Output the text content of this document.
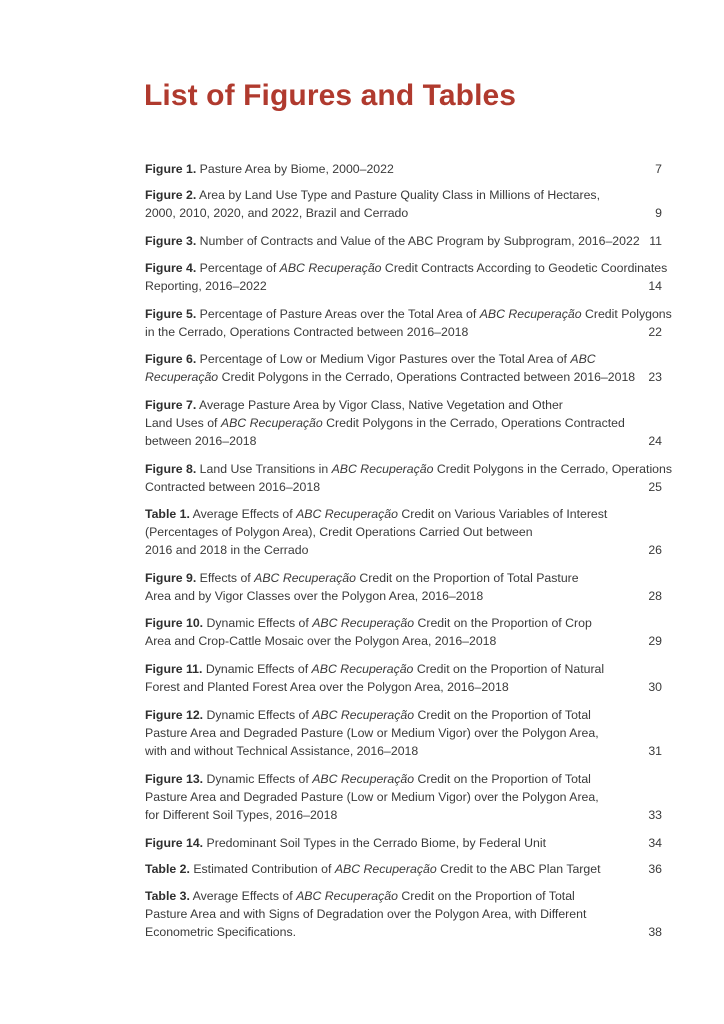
List of Figures and Tables
Figure 1. Pasture Area by Biome, 2000–2022	7
Figure 2. Area by Land Use Type and Pasture Quality Class in Millions of Hectares,
2000, 2010, 2020, and 2022, Brazil and Cerrado	9
Figure 3. Number of Contracts and Value of the ABC Program by Subprogram, 2016–2022 11
Figure 4. Percentage of ABC Recuperação Credit Contracts According to Geodetic Coordinates
Reporting, 2016–2022	14
Figure 5. Percentage of Pasture Areas over the Total Area of ABC Recuperação Credit Polygons
in the Cerrado, Operations Contracted between 2016–2018	22
Figure 6. Percentage of Low or Medium Vigor Pastures over the Total Area of ABC
Recuperação Credit Polygons in the Cerrado, Operations Contracted between 2016–2018 23
Figure 7. Average Pasture Area by Vigor Class, Native Vegetation and Other
Land Uses of ABC Recuperação Credit Polygons in the Cerrado, Operations Contracted
between 2016–2018	24
Figure 8. Land Use Transitions in ABC Recuperação Credit Polygons in the Cerrado, Operations
Contracted between 2016–2018	25
Table 1. Average Effects of ABC Recuperação Credit on Various Variables of Interest
(Percentages of Polygon Area), Credit Operations Carried Out between
2016 and 2018 in the Cerrado	26
Figure 9. Effects of ABC Recuperação Credit on the Proportion of Total Pasture
Area and by Vigor Classes over the Polygon Area, 2016–2018	28
Figure 10. Dynamic Effects of ABC Recuperação Credit on the Proportion of Crop
Area and Crop-Cattle Mosaic over the Polygon Area, 2016–2018	29
Figure 11. Dynamic Effects of ABC Recuperação Credit on the Proportion of Natural
Forest and Planted Forest Area over the Polygon Area, 2016–2018	30
Figure 12. Dynamic Effects of ABC Recuperação Credit on the Proportion of Total
Pasture Area and Degraded Pasture (Low or Medium Vigor) over the Polygon Area,
with and without Technical Assistance, 2016–2018	31
Figure 13. Dynamic Effects of ABC Recuperação Credit on the Proportion of Total
Pasture Area and Degraded Pasture (Low or Medium Vigor) over the Polygon Area,
for Different Soil Types, 2016–2018	33
Figure 14. Predominant Soil Types in the Cerrado Biome, by Federal Unit	34
Table 2. Estimated Contribution of ABC Recuperação Credit to the ABC Plan Target	36
Table 3. Average Effects of ABC Recuperação Credit on the Proportion of Total
Pasture Area and with Signs of Degradation over the Polygon Area, with Different
Econometric Specifications.	38
